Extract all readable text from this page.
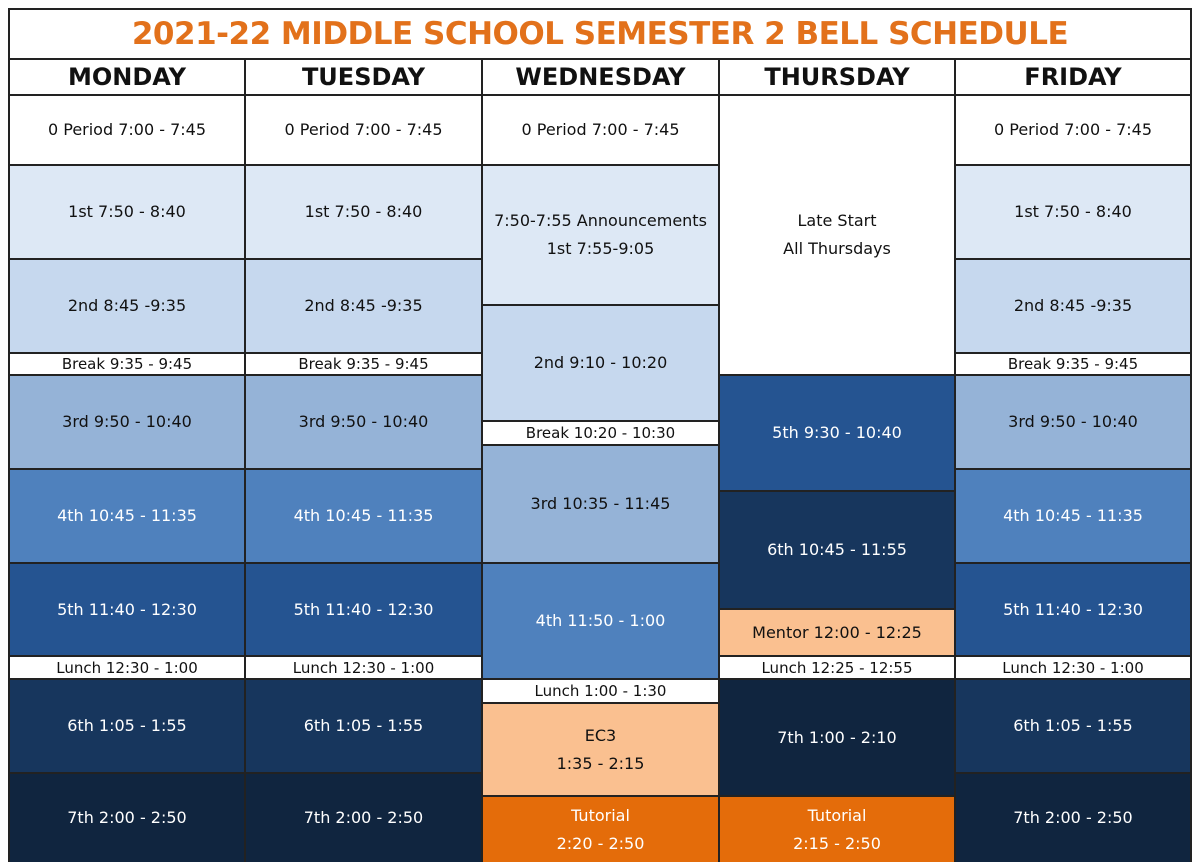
2021-22 MIDDLE SCHOOL SEMESTER 2 BELL SCHEDULE
MONDAY
0 Period 7:00 - 7:45
1st 7:50 - 8:40
2nd 8:45 -9:35
Break 9:35 - 9:45
3rd 9:50 - 10:40
4th 10:45 - 11:35
5th 11:40 - 12:30
Lunch 12:30 - 1:00
6th 1:05 - 1:55
7th 2:00 - 2:50
TUESDAY
0 Period 7:00 - 7:45
1st 7:50 - 8:40
2nd 8:45 -9:35
Break 9:35 - 9:45
3rd 9:50 - 10:40
4th 10:45 - 11:35
5th 11:40 - 12:30
Lunch 12:30 - 1:00
6th 1:05 - 1:55
7th 2:00 - 2:50
WEDNESDAY
0 Period 7:00 - 7:45
7:50-7:55 Announcements
1st 7:55-9:05
2nd 9:10 - 10:20
Break 10:20 - 10:30
3rd 10:35 - 11:45
4th 11:50 - 1:00
Lunch 1:00 - 1:30
EC3
1:35 - 2:15
Tutorial
2:20 - 2:50
THURSDAY
Late Start
All Thursdays
5th 9:30 - 10:40
6th 10:45 - 11:55
Mentor 12:00 - 12:25
Lunch 12:25 - 12:55
7th 1:00 - 2:10
Tutorial
2:15 - 2:50
FRIDAY
0 Period 7:00 - 7:45
1st 7:50 - 8:40
2nd 8:45 -9:35
Break 9:35 - 9:45
3rd 9:50 - 10:40
4th 10:45 - 11:35
5th 11:40 - 12:30
Lunch 12:30 - 1:00
6th 1:05 - 1:55
7th 2:00 - 2:50
